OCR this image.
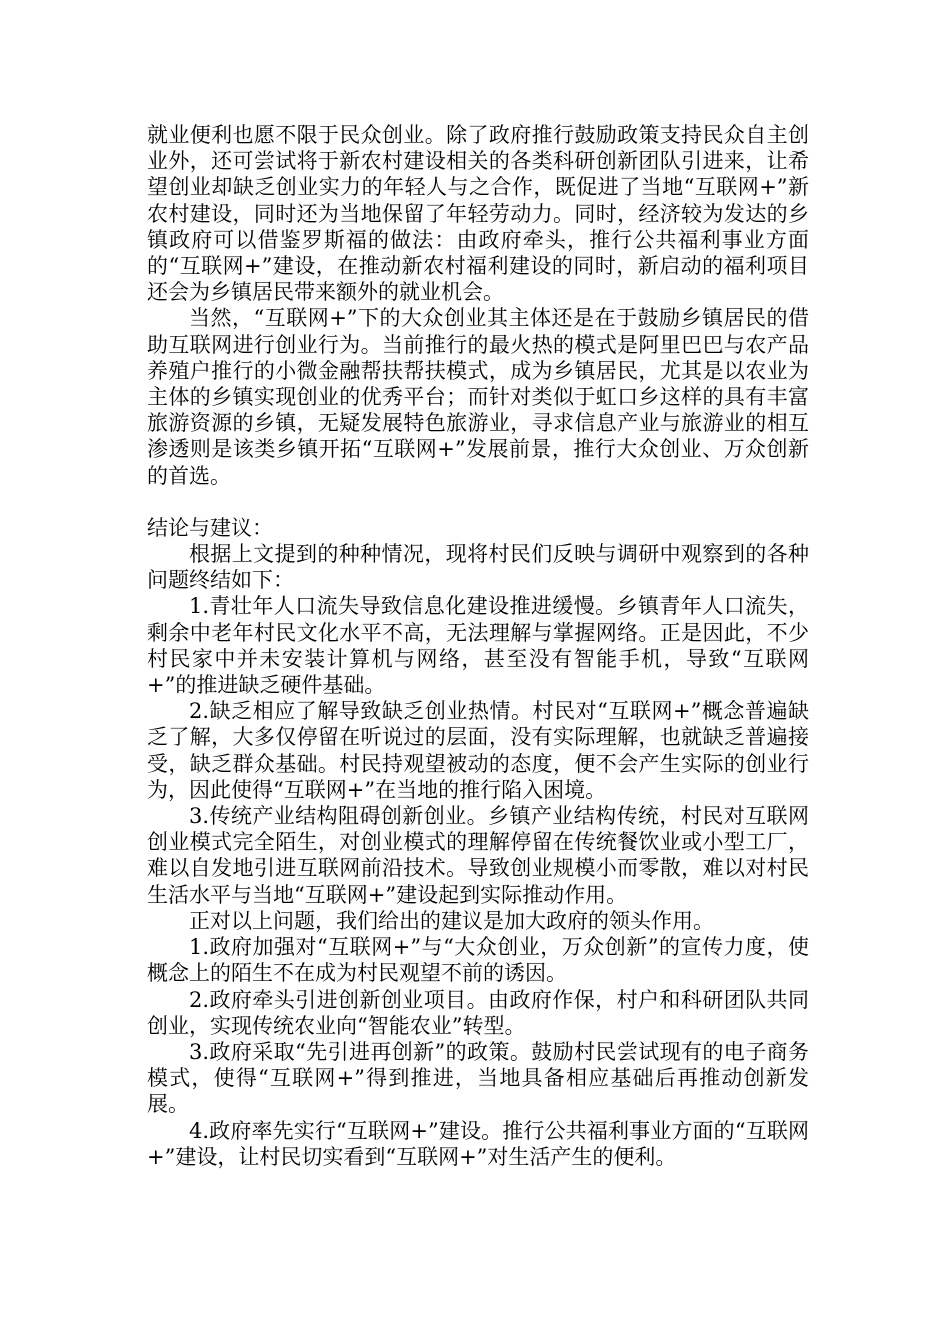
就业便利也愿不限于民众创业。除了政府推行鼓励政策支持民众自主创业外，还可尝试将于新农村建设相关的各类科研创新团队引进来，让希望创业却缺乏创业实力的年轻人与之合作，既促进了当地“互联网+”新农村建设，同时还为当地保留了年轻劳动力。同时，经济较为发达的乡镇政府可以借鉴罗斯福的做法：由政府牵头，推行公共福利事业方面的“互联网+”建设，在推动新农村福利建设的同时，新启动的福利项目还会为乡镇居民带来额外的就业机会。

当然，“互联网+”下的大众创业其主体还是在于鼓励乡镇居民的借助互联网进行创业行为。当前推行的最火热的模式是阿里巴巴与农产品养殖户推行的小微金融帮扶帮扶模式，成为乡镇居民，尤其是以农业为主体的乡镇实现创业的优秀平台；而针对类似于虹口乡这样的具有丰富旅游资源的乡镇，无疑发展特色旅游业，寻求信息产业与旅游业的相互渗透则是该类乡镇开拓“互联网+”发展前景，推行大众创业、万众创新的首选。

结论与建议：

根据上文提到的种种情况，现将村民们反映与调研中观察到的各种问题终结如下：

1.青壮年人口流失导致信息化建设推进缓慢。乡镇青年人口流失，剩余中老年村民文化水平不高，无法理解与掌握网络。正是因此，不少村民家中并未安装计算机与网络，甚至没有智能手机，导致“互联网+”的推进缺乏硬件基础。

2.缺乏相应了解导致缺乏创业热情。村民对“互联网+”概念普遍缺乏了解，大多仅停留在听说过的层面，没有实际理解，也就缺乏普遍接受，缺乏群众基础。村民持观望被动的态度，便不会产生实际的创业行为，因此使得“互联网+”在当地的推行陷入困境。

3.传统产业结构阻碍创新创业。乡镇产业结构传统，村民对互联网创业模式完全陌生，对创业模式的理解停留在传统餐饮业或小型工厂，难以自发地引进互联网前沿技术。导致创业规模小而零散，难以对村民生活水平与当地“互联网+”建设起到实际推动作用。

正对以上问题，我们给出的建议是加大政府的领头作用。

1.政府加强对“互联网+”与“大众创业，万众创新”的宣传力度，使概念上的陌生不在成为村民观望不前的诱因。

2.政府牵头引进创新创业项目。由政府作保，村户和科研团队共同创业，实现传统农业向“智能农业”转型。

3.政府采取“先引进再创新”的政策。鼓励村民尝试现有的电子商务模式，使得“互联网+”得到推进，当地具备相应基础后再推动创新发展。

4.政府率先实行“互联网+”建设。推行公共福利事业方面的“互联网+”建设，让村民切实看到“互联网+”对生活产生的便利。
